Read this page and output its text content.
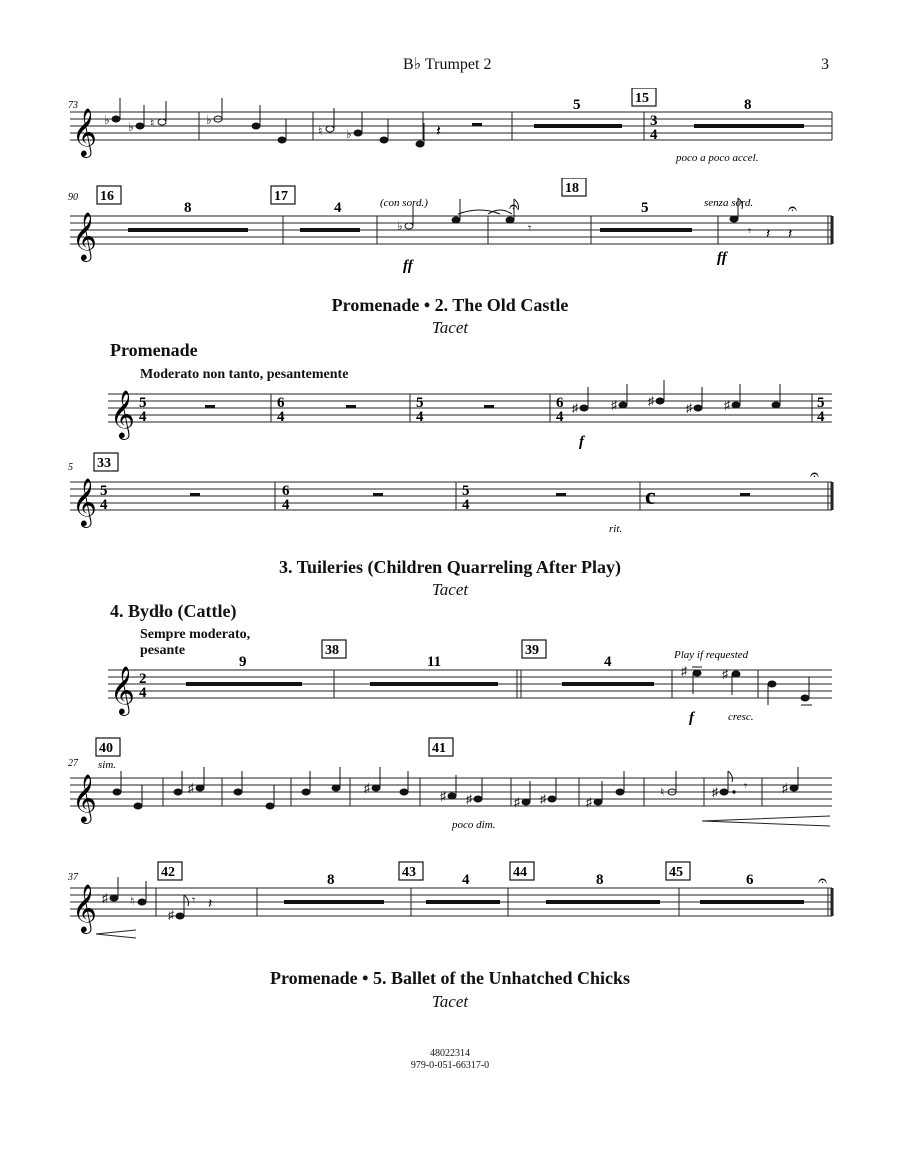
B♭ Trumpet 2	3
73
𝄞 ♭ ♭ ♮	♭
♮ ♭	𝄽
5	15
3
4
8
poco a poco accel.
90
𝄞
16
8
17
4	(con sord.)
♭	𝄾
𝄐
18
5	senza sord.
𝄾 𝄽 𝄽
𝄐
ff	ff
Promenade • 2. The Old Castle
Tacet
Promenade
Moderato non tanto, pesantemente
𝄞 5
4
6
4
5
4
6
4
♯	♯	♯	♯	♯	5
4
f
5 33
𝄞 5
4
6
4
5
4	c
𝄐
rit.
3. Tuileries (Children Quarreling After Play)
Tacet
4. Bydło (Cattle)
Sempre moderato,
pesante
𝄞 2
4
9
38
11
39
4	Play if requested
♯	♯
f	cresc.
27
40
sim.
𝄞	♯	♯
♯ ♯	♯ ♯	♯
♮	♯	♯
𝄾
41
poco dim.
37
𝄞 ♯ ♮
♯
𝄾 𝄽
42	8	43	4	44	8	45	6	𝄐
Promenade • 5. Ballet of the Unhatched Chicks
Tacet
48022314
979-0-051-66317-0
